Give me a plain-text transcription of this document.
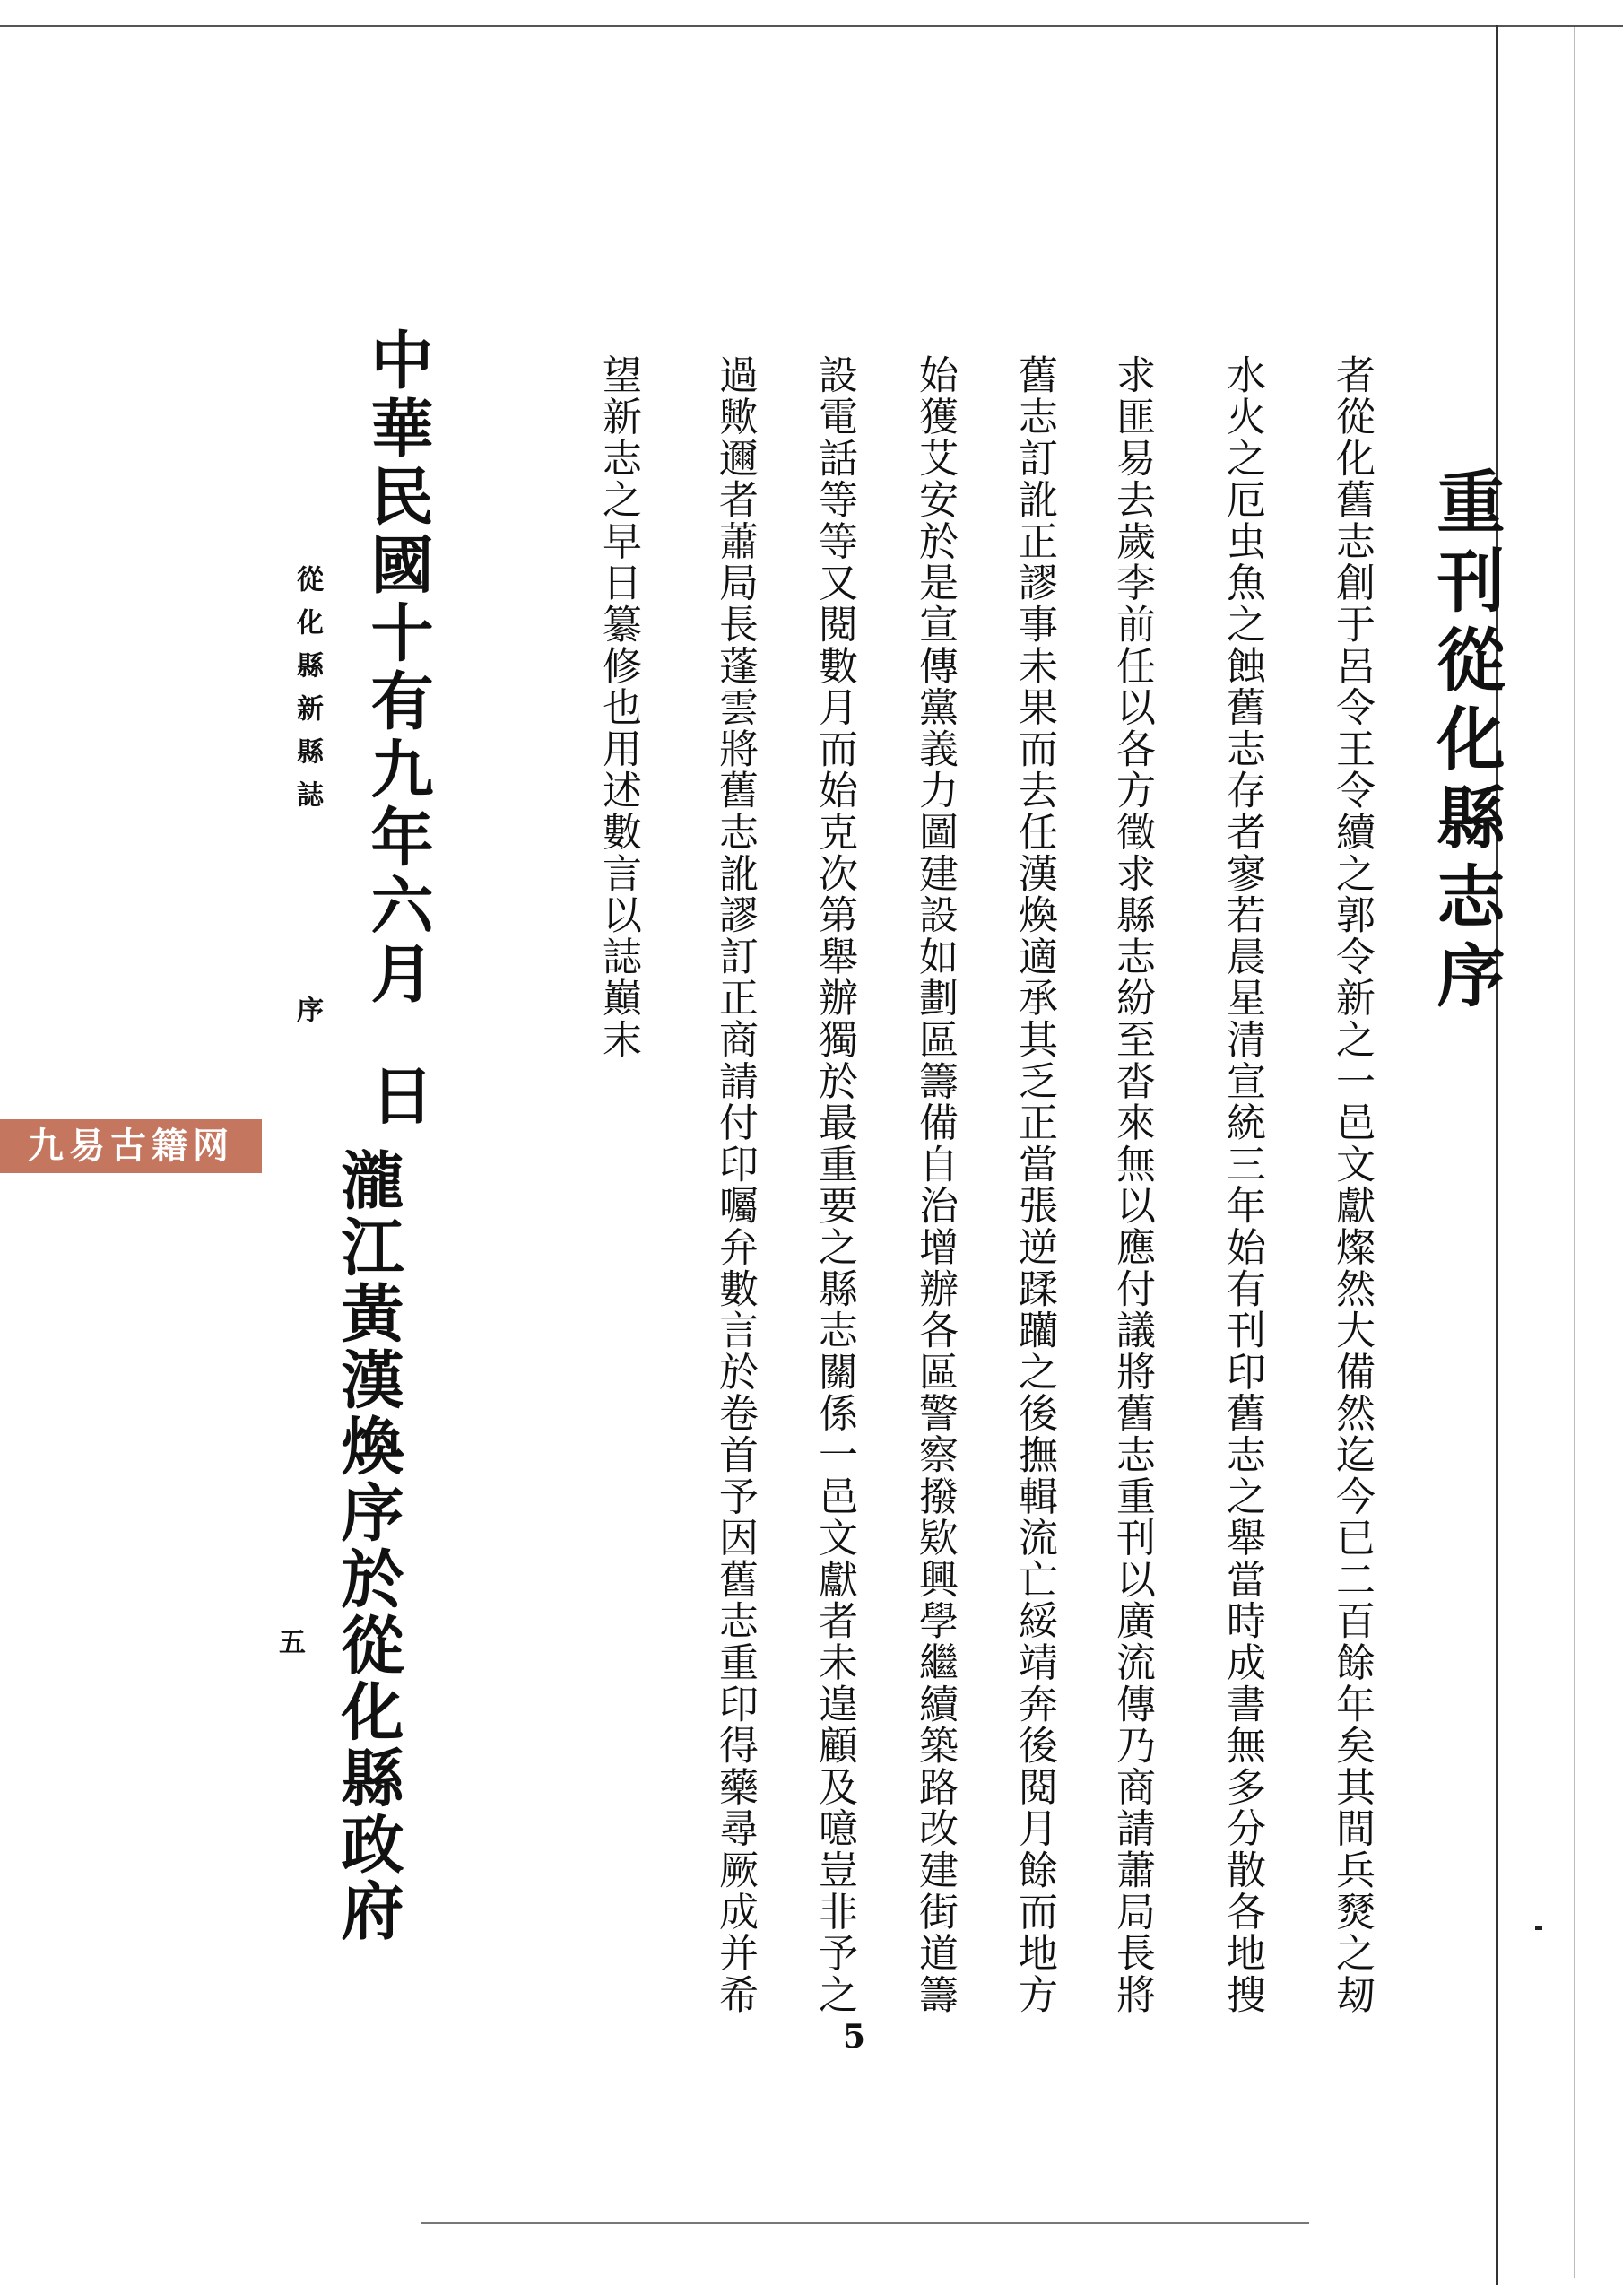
重刊從化縣志序
者從化舊志創于呂令王令續之郭令新之一邑文獻燦然大備然迄今已二百餘年矣其間兵燹之刼
水火之厄虫魚之蝕舊志存者寥若晨星清宣統三年始有刊印舊志之舉當時成書無多分散各地搜
求匪易去歲李前任以各方徵求縣志紛至沓來無以應付議將舊志重刊以廣流傳乃商請蕭局長將
舊志訂訛正謬事未果而去任漢煥適承其乏正當張逆蹂躪之後撫輯流亡綏靖奔後閱月餘而地方
始獲艾安於是宣傳黨義力圖建設如劃區籌備自治增辦各區警察撥欵興學繼續築路改建街道籌
設電話等等又閱數月而始克次第舉辦獨於最重要之縣志關係一邑文獻者未遑顧及噫豈非予之
過歟邇者蕭局長蓬雲將舊志訛謬訂正商請付印囑弁數言於卷首予因舊志重印得藥尋厥成并希
望新志之早日纂修也用述數言以誌巔末
中華民國十有九年六月
日
瀧江黃漢煥序於從化縣政府
從化縣新縣誌
序
五
5
九易古籍网
